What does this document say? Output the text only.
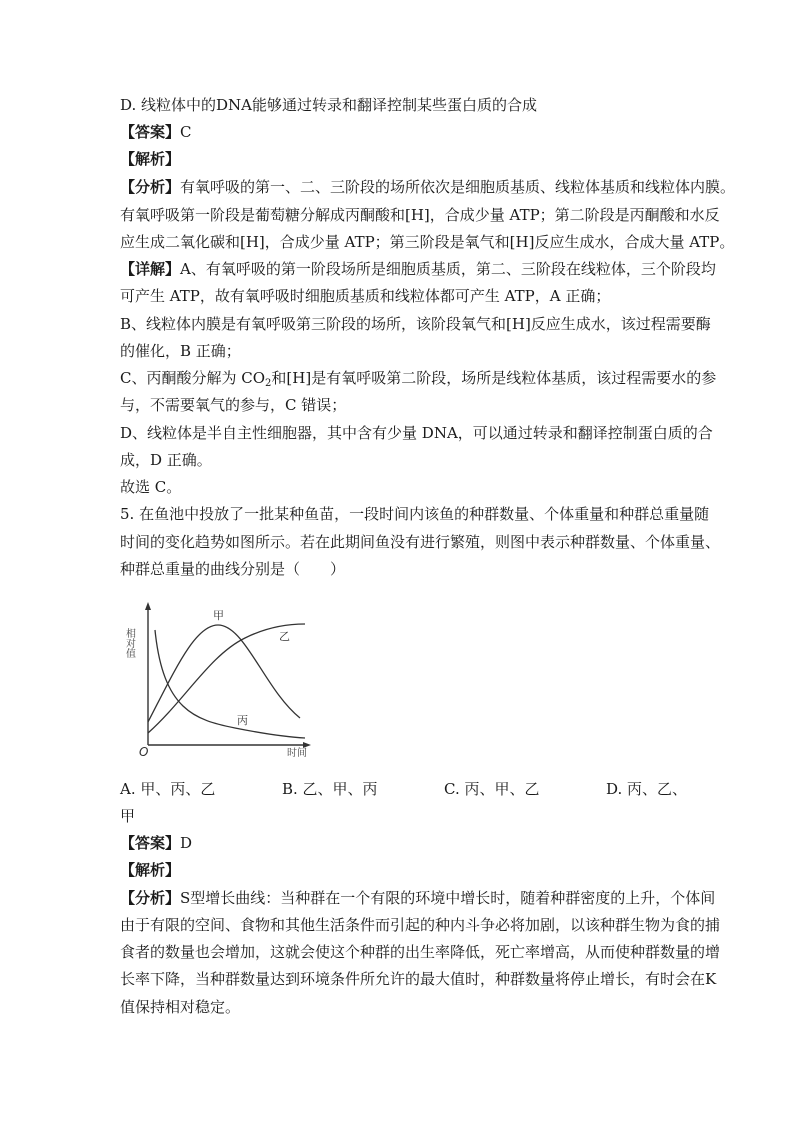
D. 线粒体中的DNA能够通过转录和翻译控制某些蛋白质的合成
【答案】C
【解析】
【分析】有氧呼吸的第一、二、三阶段的场所依次是细胞质基质、线粒体基质和线粒体内膜。
有氧呼吸第一阶段是葡萄糖分解成丙酮酸和[H]，合成少量 ATP；第二阶段是丙酮酸和水反
应生成二氧化碳和[H]，合成少量 ATP；第三阶段是氧气和[H]反应生成水，合成大量 ATP。
【详解】A、有氧呼吸的第一阶段场所是细胞质基质，第二、三阶段在线粒体，三个阶段均
可产生 ATP，故有氧呼吸时细胞质基质和线粒体都可产生 ATP，A 正确；
B、线粒体内膜是有氧呼吸第三阶段的场所，该阶段氧气和[H]反应生成水，该过程需要酶
的催化，B 正确；
C、丙酮酸分解为 $CO_2$和[H]是有氧呼吸第二阶段，场所是线粒体基质，该过程需要水的参
与，不需要氧气的参与，C 错误；
D、线粒体是半自主性细胞器，其中含有少量 DNA，可以通过转录和翻译控制蛋白质的合
成，D 正确。
故选 C。
5. 在鱼池中投放了一批某种鱼苗，一段时间内该鱼的种群数量、个体重量和种群总重量随
时间的变化趋势如图所示。若在此期间鱼没有进行繁殖，则图中表示种群数量、个体重量、
种群总重量的曲线分别是（　　）
相对值
O	时间
甲
乙
丙
A. 甲、丙、乙	B. 乙、甲、丙	C. 丙、甲、乙	D. 丙、乙、
甲
【答案】D
【解析】
【分析】S型增长曲线：当种群在一个有限的环境中增长时，随着种群密度的上升，个体间
由于有限的空间、食物和其他生活条件而引起的种内斗争必将加剧，以该种群生物为食的捕
食者的数量也会增加，这就会使这个种群的出生率降低，死亡率增高，从而使种群数量的增
长率下降，当种群数量达到环境条件所允许的最大值时，种群数量将停止增长，有时会在K
值保持相对稳定。
